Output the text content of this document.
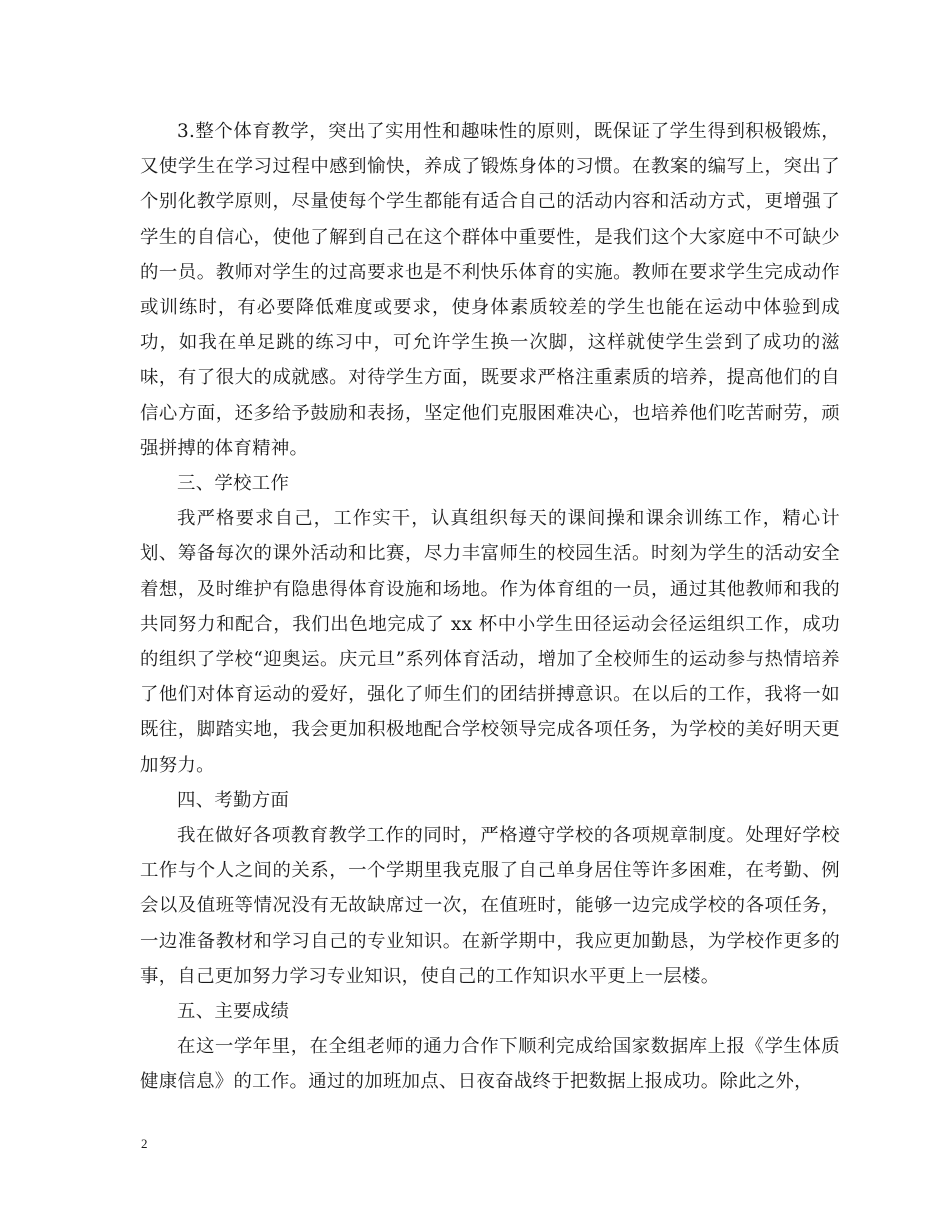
3.整个体育教学，突出了实用性和趣味性的原则，既保证了学生得到积极锻炼，又使学生在学习过程中感到愉快，养成了锻炼身体的习惯。在教案的编写上，突出了个别化教学原则，尽量使每个学生都能有适合自己的活动内容和活动方式，更增强了学生的自信心，使他了解到自己在这个群体中重要性，是我们这个大家庭中不可缺少的一员。教师对学生的过高要求也是不利快乐体育的实施。教师在要求学生完成动作或训练时，有必要降低难度或要求，使身体素质较差的学生也能在运动中体验到成功，如我在单足跳的练习中，可允许学生换一次脚，这样就使学生尝到了成功的滋味，有了很大的成就感。对待学生方面，既要求严格注重素质的培养，提高他们的自信心方面，还多给予鼓励和表扬，坚定他们克服困难决心，也培养他们吃苦耐劳，顽强拼搏的体育精神。

三、学校工作

我严格要求自己，工作实干，认真组织每天的课间操和课余训练工作，精心计划、筹备每次的课外活动和比赛，尽力丰富师生的校园生活。时刻为学生的活动安全着想，及时维护有隐患得体育设施和场地。作为体育组的一员，通过其他教师和我的共同努力和配合，我们出色地完成了 xx 杯中小学生田径运动会径运组织工作，成功的组织了学校“迎奥运。庆元旦”系列体育活动，增加了全校师生的运动参与热情培养了他们对体育运动的爱好，强化了师生们的团结拼搏意识。在以后的工作，我将一如既往，脚踏实地，我会更加积极地配合学校领导完成各项任务，为学校的美好明天更加努力。

四、考勤方面

我在做好各项教育教学工作的同时，严格遵守学校的各项规章制度。处理好学校工作与个人之间的关系，一个学期里我克服了自己单身居住等许多困难，在考勤、例会以及值班等情况没有无故缺席过一次，在值班时，能够一边完成学校的各项任务，一边准备教材和学习自己的专业知识。在新学期中，我应更加勤恳，为学校作更多的事，自己更加努力学习专业知识，使自己的工作知识水平更上一层楼。

五、主要成绩

在这一学年里，在全组老师的通力合作下顺利完成给国家数据库上报《学生体质健康信息》的工作。通过的加班加点、日夜奋战终于把数据上报成功。除此之外，

2
